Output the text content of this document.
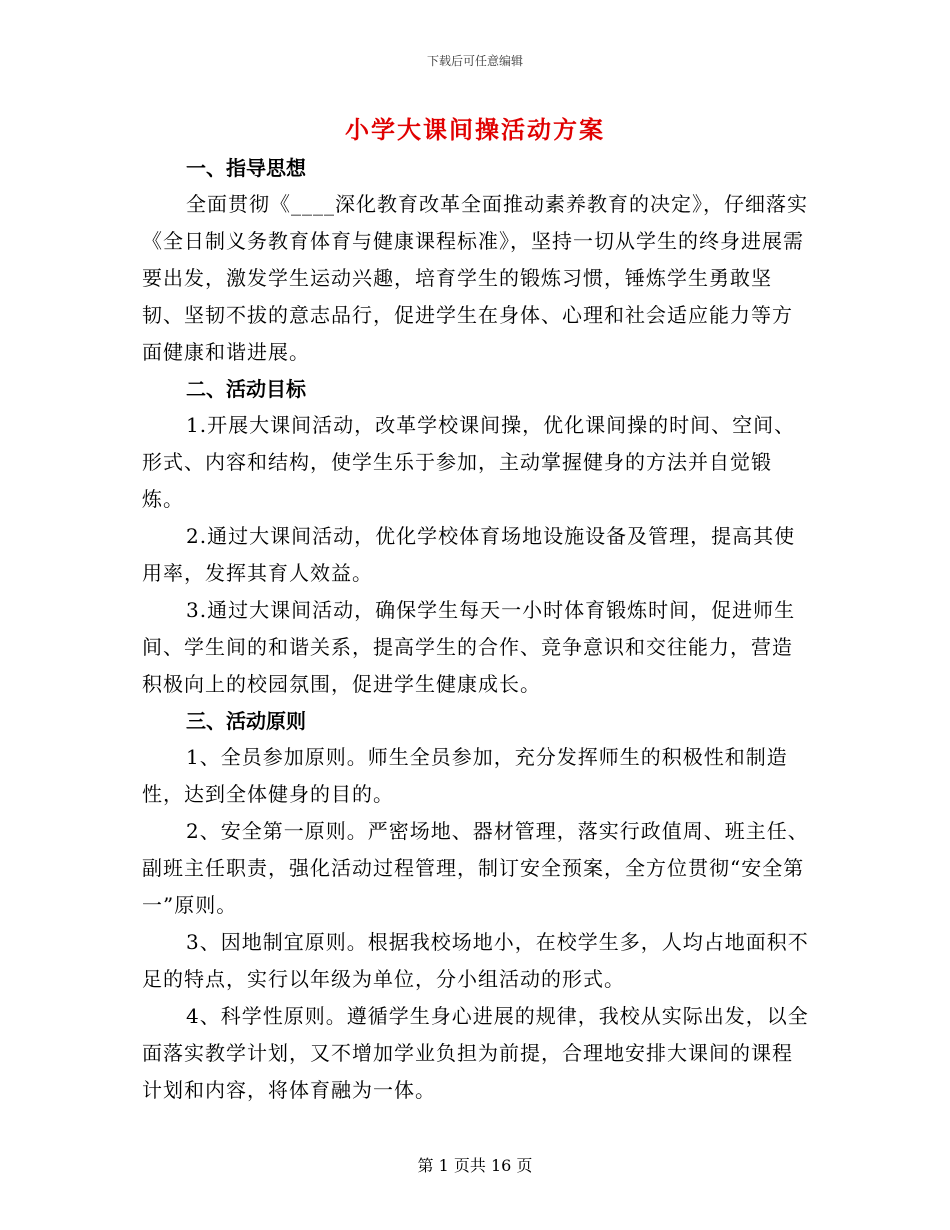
下载后可任意编辑
小学大课间操活动方案

一、指导思想

全面贯彻《____深化教育改革全面推动素养教育的决定》，仔细落实《全日制义务教育体育与健康课程标准》，坚持一切从学生的终身进展需要出发，激发学生运动兴趣，培育学生的锻炼习惯，锤炼学生勇敢坚韧、坚韧不拔的意志品行，促进学生在身体、心理和社会适应能力等方面健康和谐进展。

二、活动目标

1.开展大课间活动，改革学校课间操，优化课间操的时间、空间、形式、内容和结构，使学生乐于参加，主动掌握健身的方法并自觉锻炼。

2.通过大课间活动，优化学校体育场地设施设备及管理，提高其使用率，发挥其育人效益。

3.通过大课间活动，确保学生每天一小时体育锻炼时间，促进师生间、学生间的和谐关系，提高学生的合作、竞争意识和交往能力，营造积极向上的校园氛围，促进学生健康成长。

三、活动原则

1、全员参加原则。师生全员参加，充分发挥师生的积极性和制造性，达到全体健身的目的。

2、安全第一原则。严密场地、器材管理，落实行政值周、班主任、副班主任职责，强化活动过程管理，制订安全预案，全方位贯彻“安全第一”原则。

3、因地制宜原则。根据我校场地小，在校学生多，人均占地面积不足的特点，实行以年级为单位，分小组活动的形式。

4、科学性原则。遵循学生身心进展的规律，我校从实际出发，以全面落实教学计划，又不增加学业负担为前提，合理地安排大课间的课程计划和内容，将体育融为一体。

第 1 页共 16 页
